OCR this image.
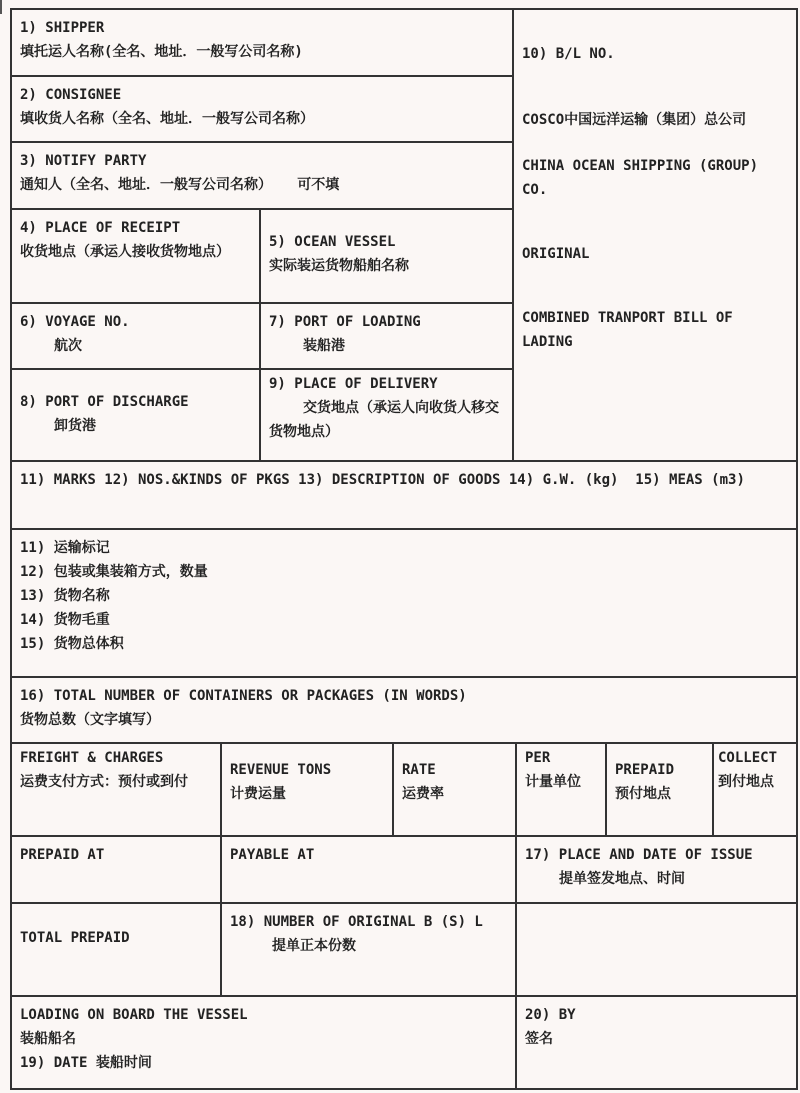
1) SHIPPER
填托运人名称(全名、地址．一般写公司名称)
2) CONSIGNEE
填收货人名称（全名、地址．一般写公司名称）
3) NOTIFY PARTY
通知人（全名、地址．一般写公司名称）   可不填
4) PLACE OF RECEIPT
收货地点（承运人接收货物地点）
5) OCEAN VESSEL
实际装运货物船舶名称
6) VOYAGE NO.
航次
7) PORT OF LOADING
装船港
8) PORT OF DISCHARGE
卸货港
9) PLACE OF DELIVERY
交货地点（承运人向收货人移交货物地点）
10) B/L NO.
COSCO中国远洋运输（集团）总公司
CHINA OCEAN SHIPPING (GROUP) CO.
ORIGINAL
COMBINED TRANPORT BILL OF LADING
11) MARKS 12) NOS.&KINDS OF PKGS 13) DESCRIPTION OF GOODS 14) G.W. (kg)  15) MEAS (m3)
11) 运输标记
12) 包装或集装箱方式，数量
13) 货物名称
14) 货物毛重
15) 货物总体积
16) TOTAL NUMBER OF CONTAINERS OR PACKAGES (IN WORDS)
货物总数（文字填写）
FREIGHT & CHARGES
运费支付方式：预付或到付
REVENUE TONS
计费运量
RATE
运费率
PER
计量单位
PREPAID
预付地点
COLLECT
到付地点
PREPAID AT	PAYABLE AT	17) PLACE AND DATE OF ISSUE
提单签发地点、时间
TOTAL PREPAID
18) NUMBER OF ORIGINAL B (S) L
提单正本份数
LOADING ON BOARD THE VESSEL
装船船名
19) DATE 装船时间
20) BY
签名
